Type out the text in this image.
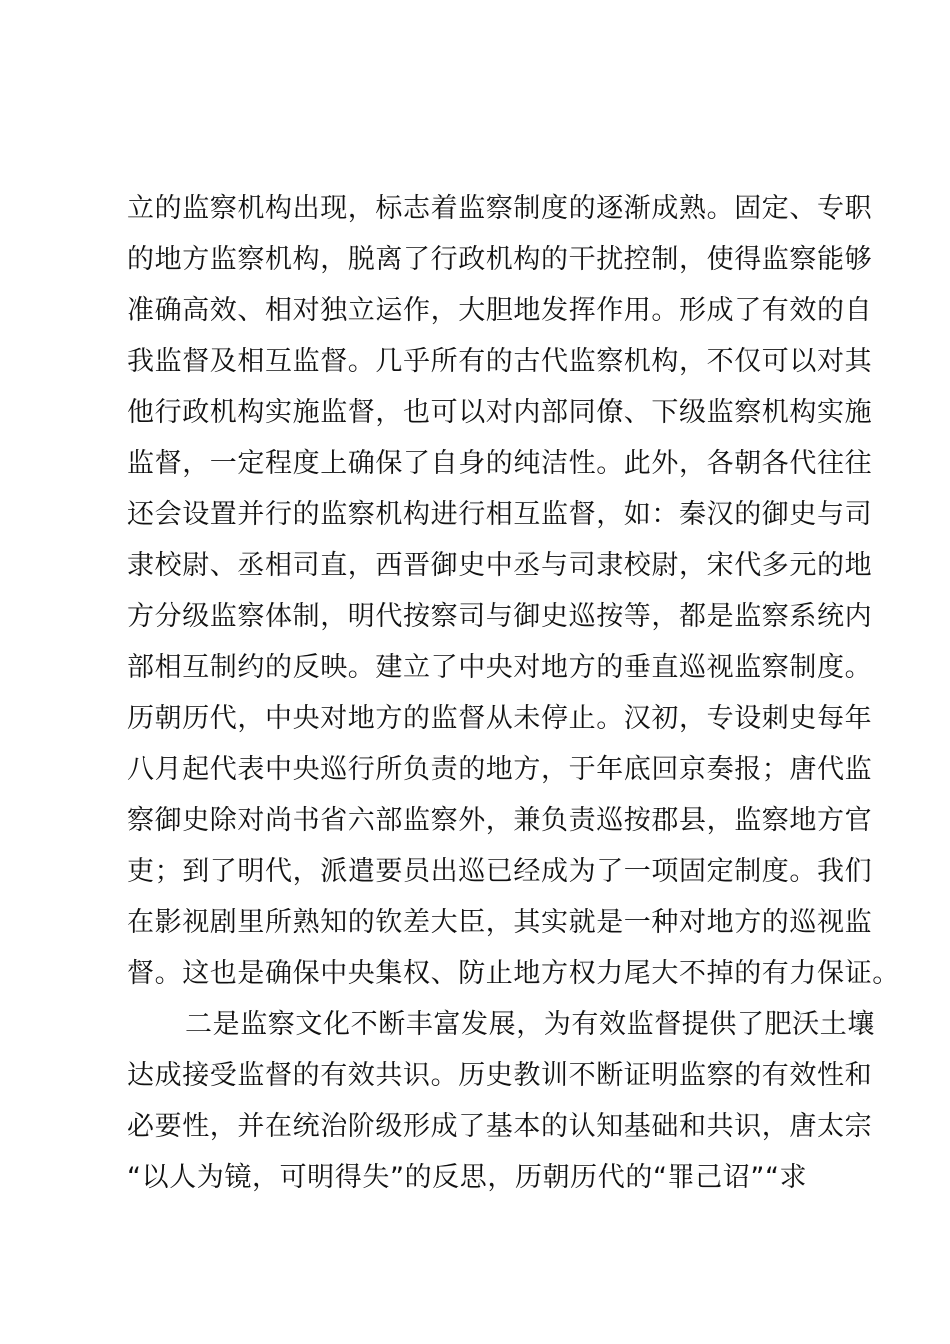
立的监察机构出现，标志着监察制度的逐渐成熟。固定、专职
的地方监察机构，脱离了行政机构的干扰控制，使得监察能够
准确高效、相对独立运作，大胆地发挥作用。形成了有效的自
我监督及相互监督。几乎所有的古代监察机构，不仅可以对其
他行政机构实施监督，也可以对内部同僚、下级监察机构实施
监督，一定程度上确保了自身的纯洁性。此外，各朝各代往往
还会设置并行的监察机构进行相互监督，如：秦汉的御史与司
隶校尉、丞相司直，西晋御史中丞与司隶校尉，宋代多元的地
方分级监察体制，明代按察司与御史巡按等，都是监察系统内
部相互制约的反映。建立了中央对地方的垂直巡视监察制度。
历朝历代，中央对地方的监督从未停止。汉初，专设刺史每年
八月起代表中央巡行所负责的地方，于年底回京奏报；唐代监
察御史除对尚书省六部监察外，兼负责巡按郡县，监察地方官
吏；到了明代，派遣要员出巡已经成为了一项固定制度。我们
在影视剧里所熟知的钦差大臣，其实就是一种对地方的巡视监
督。这也是确保中央集权、防止地方权力尾大不掉的有力保证。
二是监察文化不断丰富发展，为有效监督提供了肥沃土壤
达成接受监督的有效共识。历史教训不断证明监察的有效性和
必要性，并在统治阶级形成了基本的认知基础和共识，唐太宗
“以人为镜，可明得失”的反思，历朝历代的“罪己诏”“求
